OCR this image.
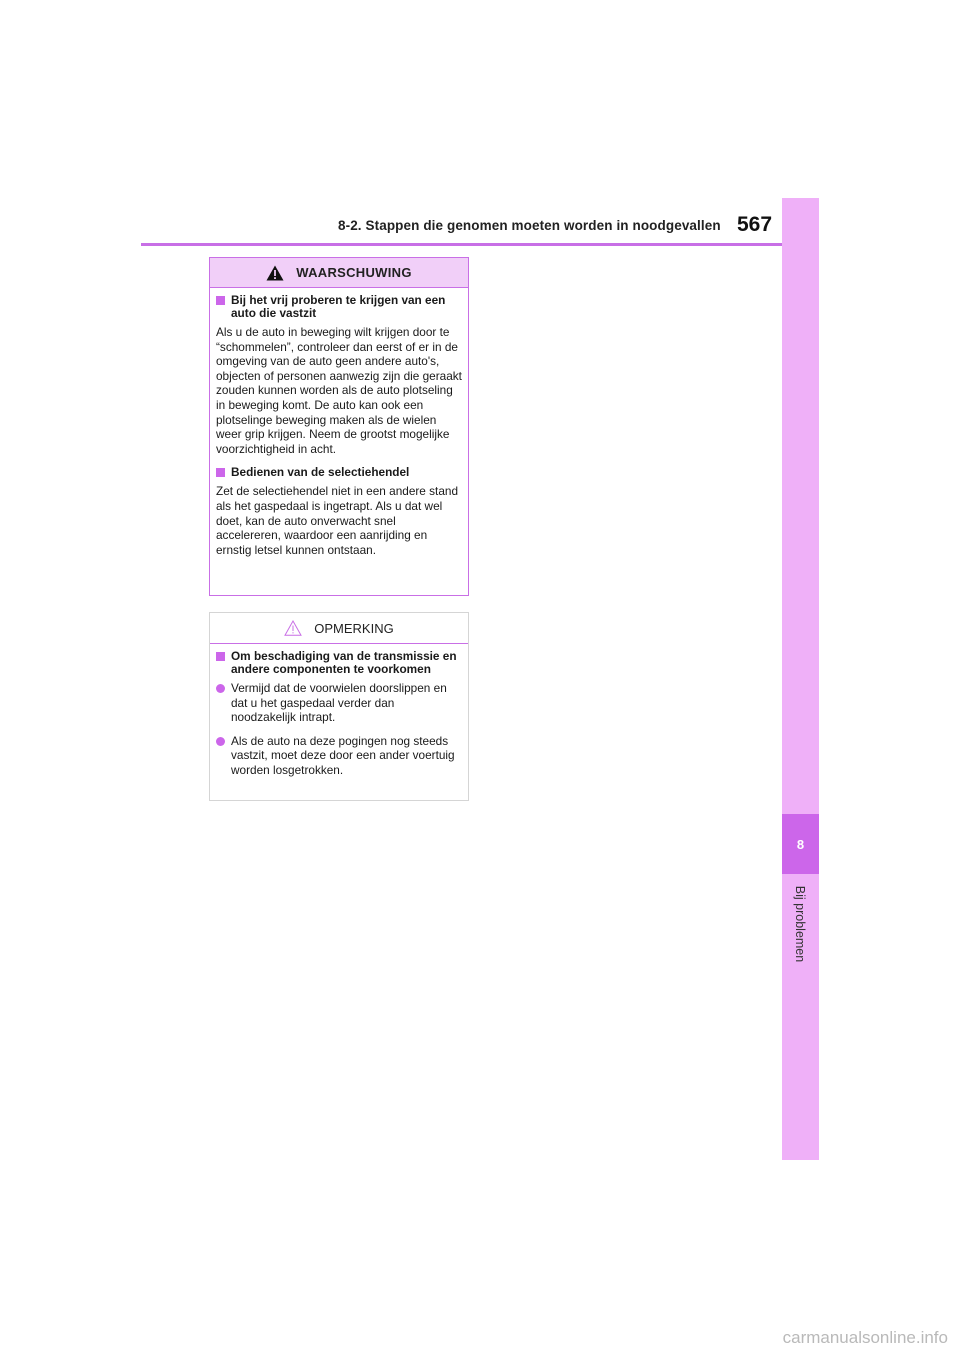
8-2. Stappen die genomen moeten worden in noodgevallen 567
8
Bij problemen
WAARSCHUWING
Bij het vrij proberen te krijgen van een auto die vastzit

Als u de auto in beweging wilt krijgen door te “schommelen”, controleer dan eerst of er in de omgeving van de auto geen andere auto's, objecten of personen aanwezig zijn die geraakt zouden kunnen worden als de auto plotseling in beweging komt. De auto kan ook een plotselinge beweging maken als de wielen weer grip krijgen. Neem de grootst mogelijke voorzichtigheid in acht.

Bedienen van de selectiehendel

Zet de selectiehendel niet in een andere stand als het gaspedaal is ingetrapt. Als u dat wel doet, kan de auto onverwacht snel accelereren, waardoor een aanrijding en ernstig letsel kunnen ontstaan.

OPMERKING
Om beschadiging van de transmissie en andere componenten te voorkomen
Vermijd dat de voorwielen doorslippen en dat u het gaspedaal verder dan noodzakelijk intrapt.
Als de auto na deze pogingen nog steeds vastzit, moet deze door een ander voertuig worden losgetrokken.
carmanualsonline.info
